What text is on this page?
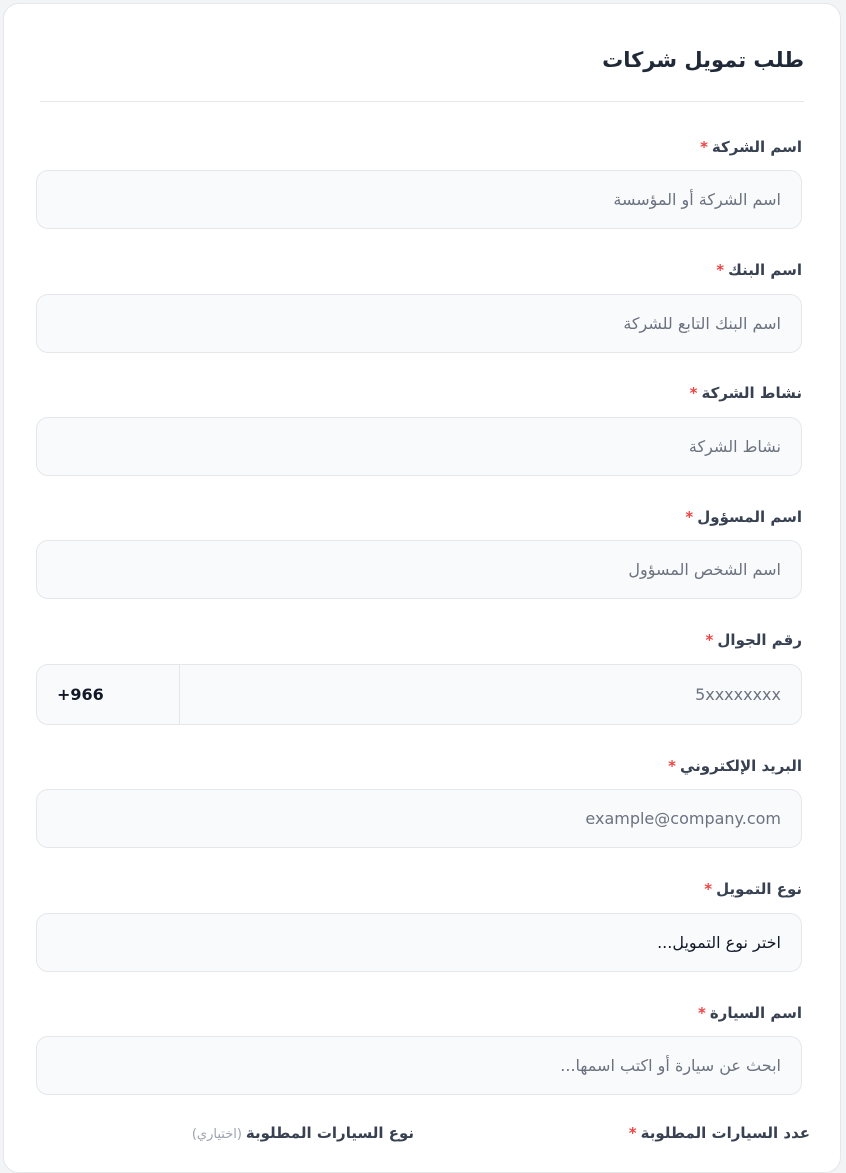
طلب تمويل شركات
اسم الشركة*
اسم الشركة أو المؤسسة
اسم البنك*
اسم البنك التابع للشركة
نشاط الشركة*
نشاط الشركة
اسم المسؤول*
اسم الشخص المسؤول
رقم الجوال*
5xxxxxxxx
+966
البريد الإلكتروني*
example@company.com
نوع التمويل*
اختر نوع التمويل...
اسم السيارة*
ابحث عن سيارة أو اكتب اسمها...
عدد السيارات المطلوبة*
نوع السيارات المطلوبة(اختياري)
